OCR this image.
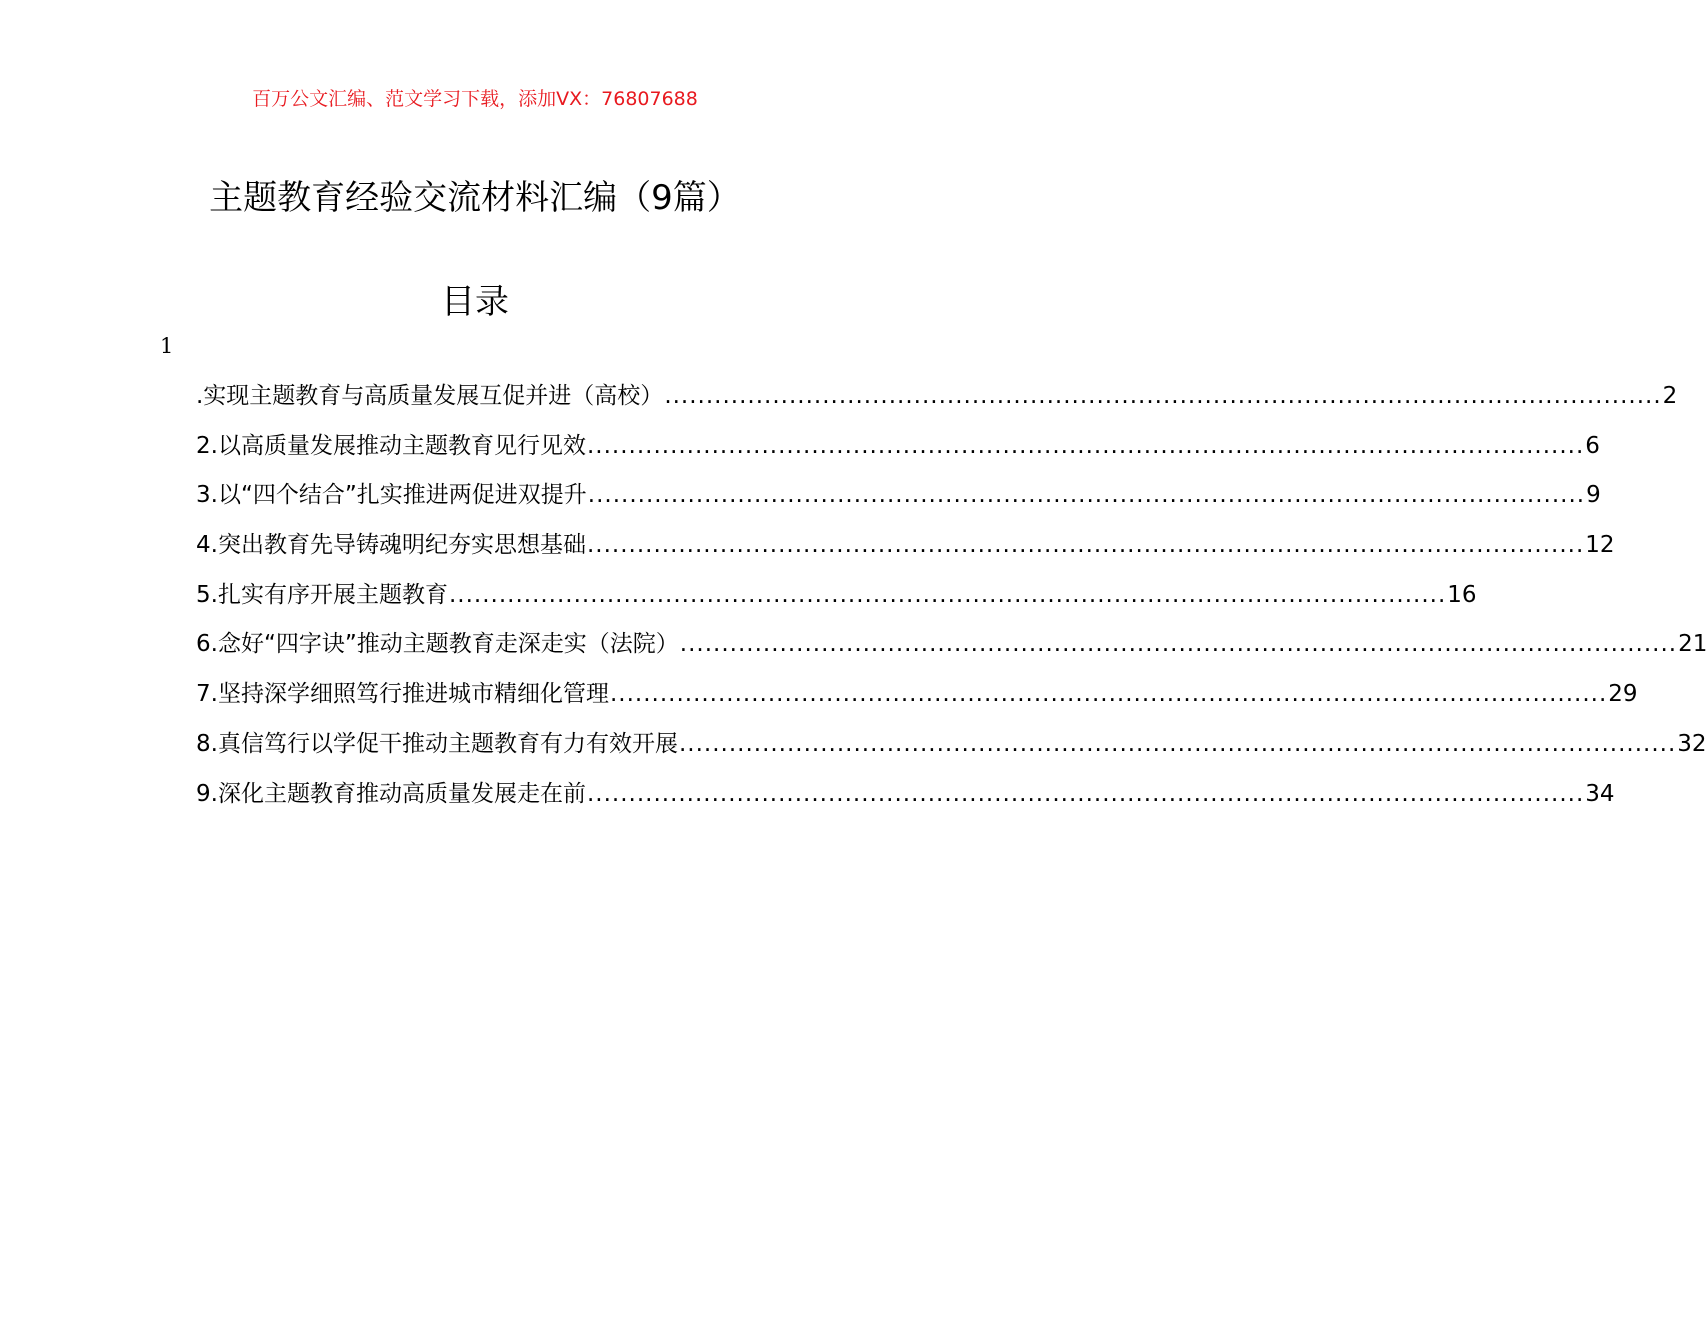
百万公文汇编、范文学习下载，添加VX：76807688
主题教育经验交流材料汇编（9篇）
目录
1
.实现主题教育与高质量发展互促并进（高校） ........................................................................................................................ 2
2.以高质量发展推动主题教育见行见效 ........................................................................................................................ 6
3.以“四个结合”扎实推进两促进双提升 ........................................................................................................................ 9
4.突出教育先导铸魂明纪夯实思想基础 ........................................................................................................................ 12
5.扎实有序开展主题教育 ........................................................................................................................ 16
6.念好“四字诀”推动主题教育走深走实（法院） ........................................................................................................................ 21
7.坚持深学细照笃行推进城市精细化管理 ........................................................................................................................ 29
8.真信笃行以学促干推动主题教育有力有效开展 ........................................................................................................................ 32
9.深化主题教育推动高质量发展走在前 ........................................................................................................................ 34
